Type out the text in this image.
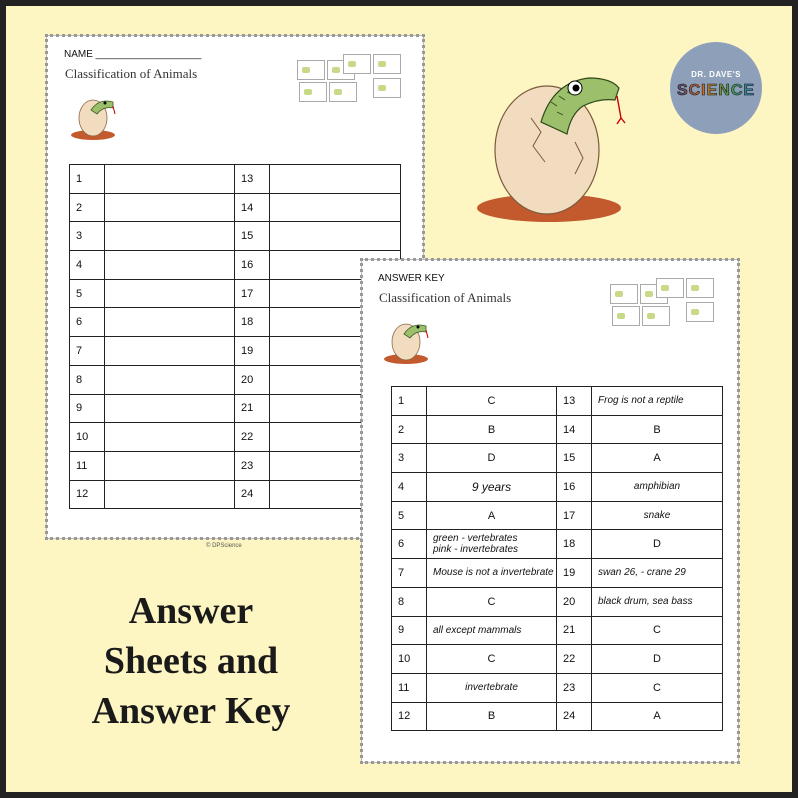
NAME ___________________
Classification of Animals
1		13	
2		14	
3		15	
4		16	
5		17	
6		18	
7		19	
8		20	
9		21	
10		22	
11		23	
12		24	
© DPScience
DR. DAVE'S
SCIENCE
ANSWER KEY
Classification of Animals
1	C	13	Frog is not a reptile
2	B	14	B
3	D	15	A
4	9 years	16	amphibian
5	A	17	snake
6	green - vertebrates
pink - invertebrates	18	D
7	Mouse is not a invertebrate	19	swan 26, - crane 29
8	C	20	black drum, sea bass
9	all except mammals	21	C
10	C	22	D
11	invertebrate	23	C
12	B	24	A
Answer
Sheets and
Answer Key
